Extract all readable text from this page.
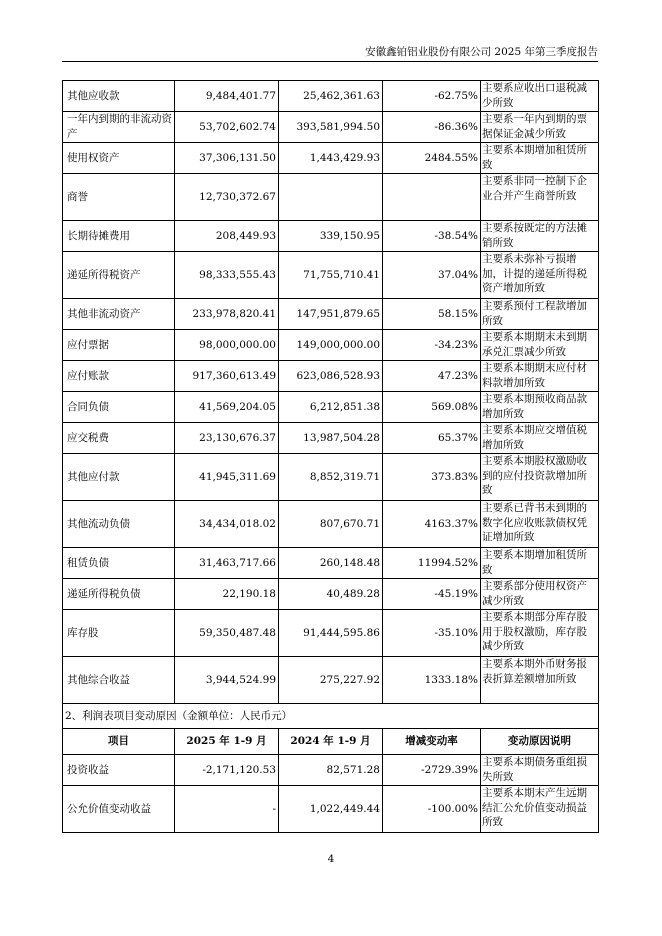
安徽鑫铂铝业股份有限公司 2025 年第三季度报告
其他应收款	9,484,401.77	25,462,361.63	-62.75%	主要系应收出口退税减少所致
一年内到期的非流动资产	53,702,602.74	393,581,994.50	-86.36%	主要系一年内到期的票据保证金减少所致
使用权资产	37,306,131.50	1,443,429.93	2484.55%	主要系本期增加租赁所致
商誉	12,730,372.67			主要系非同一控制下企业合并产生商誉所致
长期待摊费用	208,449.93	339,150.95	-38.54%	主要系按既定的方法摊销所致
递延所得税资产	98,333,555.43	71,755,710.41	37.04%	主要系未弥补亏损增加，计提的递延所得税资产增加所致
其他非流动资产	233,978,820.41	147,951,879.65	58.15%	主要系预付工程款增加所致
应付票据	98,000,000.00	149,000,000.00	-34.23%	主要系本期期末未到期承兑汇票减少所致
应付账款	917,360,613.49	623,086,528.93	47.23%	主要系本期期末应付材料款增加所致
合同负债	41,569,204.05	6,212,851.38	569.08%	主要系本期预收商品款增加所致
应交税费	23,130,676.37	13,987,504.28	65.37%	主要系本期应交增值税增加所致
其他应付款	41,945,311.69	8,852,319.71	373.83%	主要系本期股权激励收到的应付投资款增加所致
其他流动负债	34,434,018.02	807,670.71	4163.37%	主要系已背书未到期的数字化应收账款债权凭证增加所致
租赁负债	31,463,717.66	260,148.48	11994.52%	主要系本期增加租赁所致
递延所得税负债	22,190.18	40,489.28	-45.19%	主要系部分使用权资产减少所致
库存股	59,350,487.48	91,444,595.86	-35.10%	主要系本期部分库存股用于股权激励，库存股减少所致
其他综合收益	3,944,524.99	275,227.92	1333.18%	主要系本期外币财务报表折算差额增加所致
2、利润表项目变动原因（金额单位：人民币元）				
项目	2025 年 1-9 月	2024 年 1-9 月	增减变动率	变动原因说明
投资收益	-2,171,120.53	82,571.28	-2729.39%	主要系本期债务重组损失所致
公允价值变动收益	-	1,022,449.44	-100.00%	主要系本期末产生远期结汇公允价值变动损益所致
4
